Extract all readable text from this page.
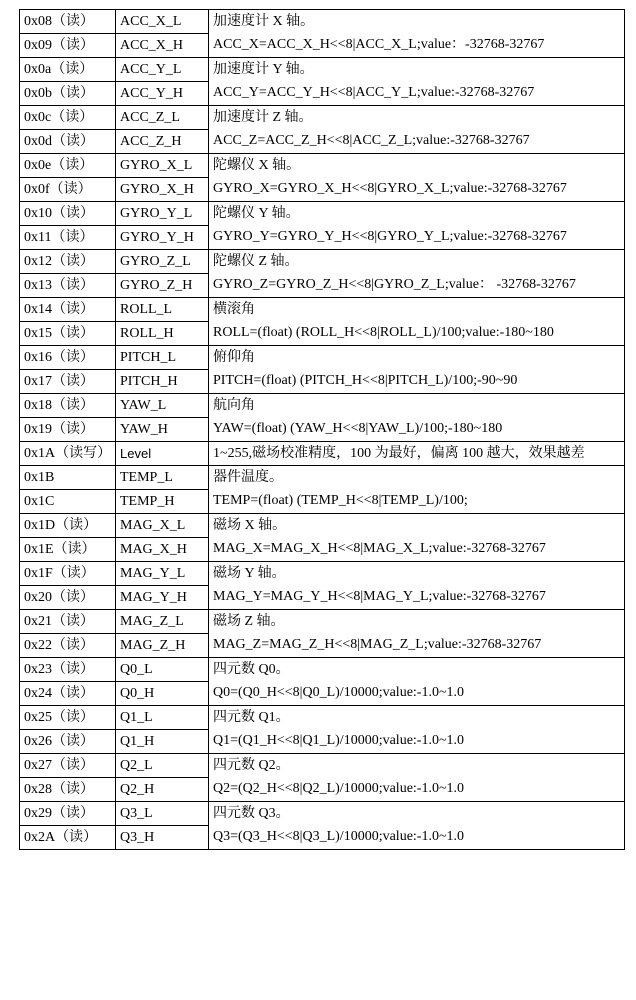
0x08（读）	ACC_X_L	加速度计 X 轴。
ACC_X=ACC_X_H<<8|ACC_X_L;value：-32768-32767

0x09（读）	ACC_X_H	
0x0a（读）	ACC_Y_L	加速度计 Y 轴。
ACC_Y=ACC_Y_H<<8|ACC_Y_L;value:-32768-32767

0x0b（读）	ACC_Y_H	
0x0c（读）	ACC_Z_L	加速度计 Z 轴。
ACC_Z=ACC_Z_H<<8|ACC_Z_L;value:-32768-32767

0x0d（读）	ACC_Z_H	
0x0e（读）	GYRO_X_L	陀螺仪 X 轴。
GYRO_X=GYRO_X_H<<8|GYRO_X_L;value:-32768-32767

0x0f（读）	GYRO_X_H	
0x10（读）	GYRO_Y_L	陀螺仪 Y 轴。
GYRO_Y=GYRO_Y_H<<8|GYRO_Y_L;value:-32768-32767

0x11（读）	GYRO_Y_H	
0x12（读）	GYRO_Z_L	陀螺仪 Z 轴。
GYRO_Z=GYRO_Z_H<<8|GYRO_Z_L;value： -32768-32767

0x13（读）	GYRO_Z_H	
0x14（读）	ROLL_L	横滚角
ROLL=(float) (ROLL_H<<8|ROLL_L)/100;value:-180~180

0x15（读）	ROLL_H	
0x16（读）	PITCH_L	俯仰角
PITCH=(float) (PITCH_H<<8|PITCH_L)/100;-90~90

0x17（读）	PITCH_H	
0x18（读）	YAW_L	航向角
YAW=(float) (YAW_H<<8|YAW_L)/100;-180~180

0x19（读）	YAW_H	
0x1A（读写）	Level	1~255,磁场校准精度，100 为最好，偏离 100 越大，效果越差

0x1B	TEMP_L	器件温度。
TEMP=(float) (TEMP_H<<8|TEMP_L)/100;

0x1C	TEMP_H	
0x1D（读）	MAG_X_L	磁场 X 轴。
MAG_X=MAG_X_H<<8|MAG_X_L;value:-32768-32767

0x1E（读）	MAG_X_H	
0x1F（读）	MAG_Y_L	磁场 Y 轴。
MAG_Y=MAG_Y_H<<8|MAG_Y_L;value:-32768-32767

0x20（读）	MAG_Y_H	
0x21（读）	MAG_Z_L	磁场 Z 轴。
MAG_Z=MAG_Z_H<<8|MAG_Z_L;value:-32768-32767

0x22（读）	MAG_Z_H	
0x23（读）	Q0_L	四元数 Q0。
Q0=(Q0_H<<8|Q0_L)/10000;value:-1.0~1.0

0x24（读）	Q0_H	
0x25（读）	Q1_L	四元数 Q1。
Q1=(Q1_H<<8|Q1_L)/10000;value:-1.0~1.0

0x26（读）	Q1_H	
0x27（读）	Q2_L	四元数 Q2。
Q2=(Q2_H<<8|Q2_L)/10000;value:-1.0~1.0

0x28（读）	Q2_H	
0x29（读）	Q3_L	四元数 Q3。
Q3=(Q3_H<<8|Q3_L)/10000;value:-1.0~1.0

0x2A（读）	Q3_H	
